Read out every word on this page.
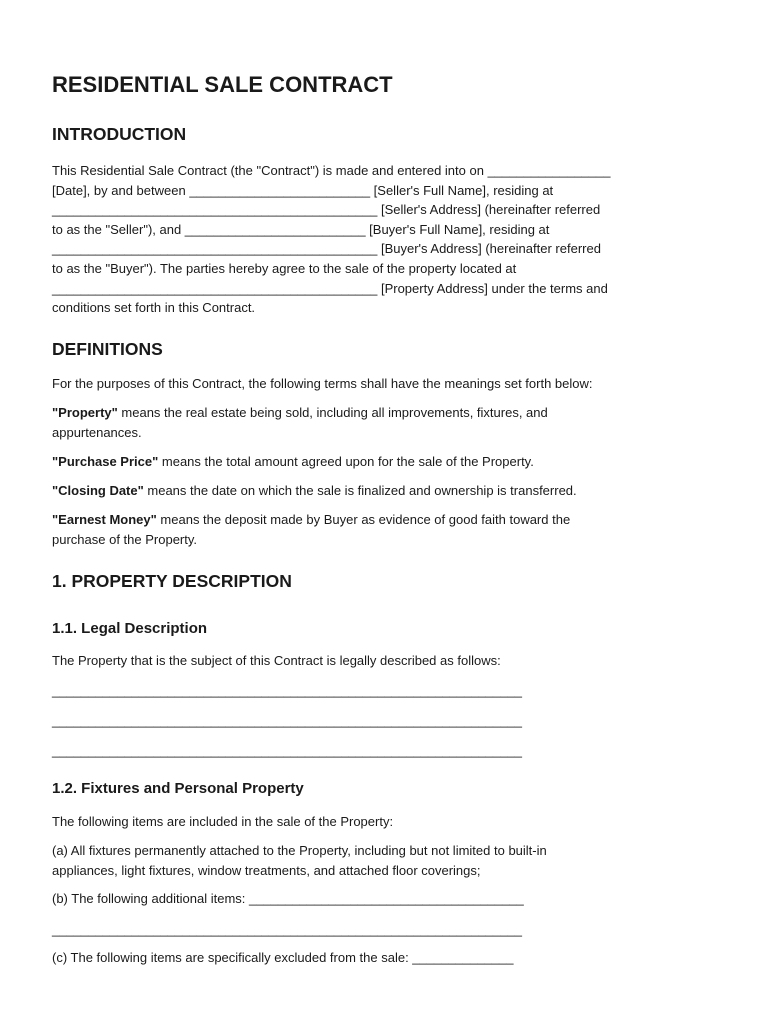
RESIDENTIAL SALE CONTRACT
INTRODUCTION
This Residential Sale Contract (the "Contract") is made and entered into on _________________
[Date], by and between _________________________ [Seller's Full Name], residing at
_____________________________________________ [Seller's Address] (hereinafter referred
to as the "Seller"), and _________________________ [Buyer's Full Name], residing at
_____________________________________________ [Buyer's Address] (hereinafter referred
to as the "Buyer"). The parties hereby agree to the sale of the property located at
_____________________________________________ [Property Address] under the terms and
conditions set forth in this Contract.
DEFINITIONS
For the purposes of this Contract, the following terms shall have the meanings set forth below:
"Property" means the real estate being sold, including all improvements, fixtures, and
appurtenances.
"Purchase Price" means the total amount agreed upon for the sale of the Property.
"Closing Date" means the date on which the sale is finalized and ownership is transferred.
"Earnest Money" means the deposit made by Buyer as evidence of good faith toward the
purchase of the Property.
1. PROPERTY DESCRIPTION
1.1. Legal Description
The Property that is the subject of this Contract is legally described as follows:
_________________________________________________________________
_________________________________________________________________
_________________________________________________________________
1.2. Fixtures and Personal Property
The following items are included in the sale of the Property:
(a) All fixtures permanently attached to the Property, including but not limited to built-in
appliances, light fixtures, window treatments, and attached floor coverings;
(b) The following additional items: ______________________________________
_________________________________________________________________
(c) The following items are specifically excluded from the sale: ______________
